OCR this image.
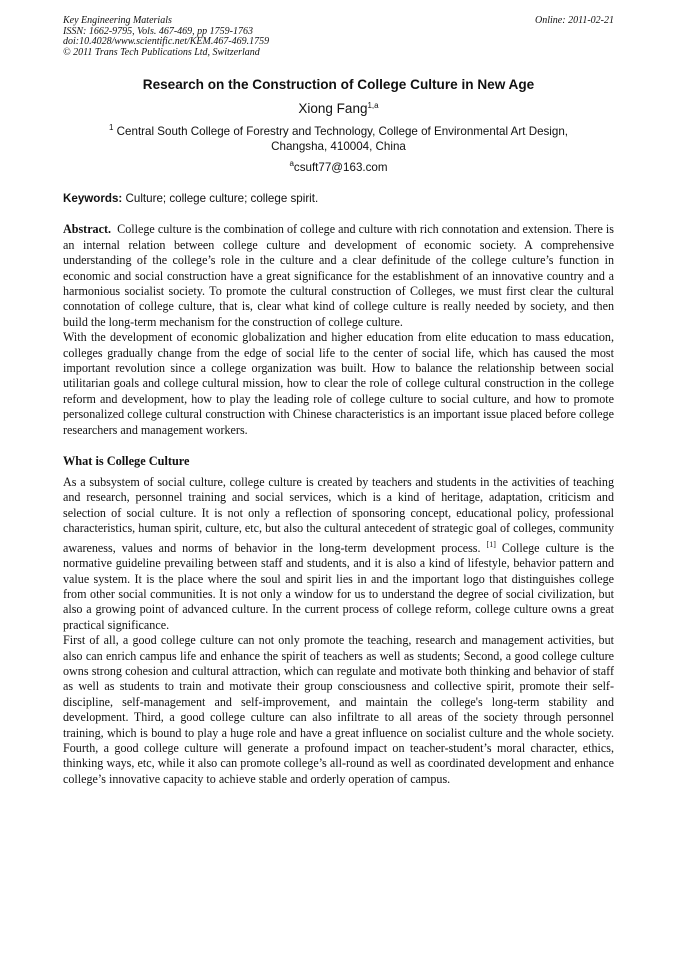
Key Engineering Materials
ISSN: 1662-9795, Vols. 467-469, pp 1759-1763
doi:10.4028/www.scientific.net/KEM.467-469.1759
© 2011 Trans Tech Publications Ltd, Switzerland
Online: 2011-02-21
Research on the Construction of College Culture in New Age
Xiong Fang$^{1,a}$
$^1$ Central South College of Forestry and Technology, College of Environmental Art Design,
Changsha, 410004, China
$^a$csuft77@163.com
Keywords: Culture; college culture; college spirit.

Abstract. College culture is the combination of college and culture with rich connotation and extension. There is an internal relation between college culture and development of economic society. A comprehensive understanding of the college’s role in the culture and a clear definitude of the college culture’s function in economic and social construction have a great significance for the establishment of an innovative country and a harmonious socialist society. To promote the cultural construction of Colleges, we must first clear the cultural connotation of college culture, that is, clear what kind of college culture is really needed by society, and then build the long-term mechanism for the construction of college culture.

With the development of economic globalization and higher education from elite education to mass education, colleges gradually change from the edge of social life to the center of social life, which has caused the most important revolution since a college organization was built. How to balance the relationship between social utilitarian goals and college cultural mission, how to clear the role of college cultural construction in the college reform and development, how to play the leading role of college culture to social culture, and how to promote personalized college cultural construction with Chinese characteristics is an important issue placed before college researchers and management workers.

What is College Culture

As a subsystem of social culture, college culture is created by teachers and students in the activities of teaching and research, personnel training and social services, which is a kind of heritage, adaptation, criticism and selection of social culture. It is not only a reflection of sponsoring concept, educational policy, professional characteristics, human spirit, culture, etc, but also the cultural antecedent of strategic goal of colleges, community awareness, values and norms of behavior in the long-term development process. [1] College culture is the normative guideline prevailing between staff and students, and it is also a kind of lifestyle, behavior pattern and value system. It is the place where the soul and spirit lies in and the important logo that distinguishes college from other social communities. It is not only a window for us to understand the degree of social civilization, but also a growing point of advanced culture. In the current process of college reform, college culture owns a great practical significance.

First of all, a good college culture can not only promote the teaching, research and management activities, but also can enrich campus life and enhance the spirit of teachers as well as students; Second, a good college culture owns strong cohesion and cultural attraction, which can regulate and motivate both thinking and behavior of staff as well as students to train and motivate their group consciousness and collective spirit, promote their self-discipline, self-management and self-improvement, and maintain the college's long-term stability and development. Third, a good college culture can also infiltrate to all areas of the society through personnel training, which is bound to play a huge role and have a great influence on socialist culture and the whole society. Fourth, a good college culture will generate a profound impact on teacher-student’s moral character, ethics, thinking ways, etc, while it also can promote college’s all-round as well as coordinated development and enhance college’s innovative capacity to achieve stable and orderly operation of campus.
